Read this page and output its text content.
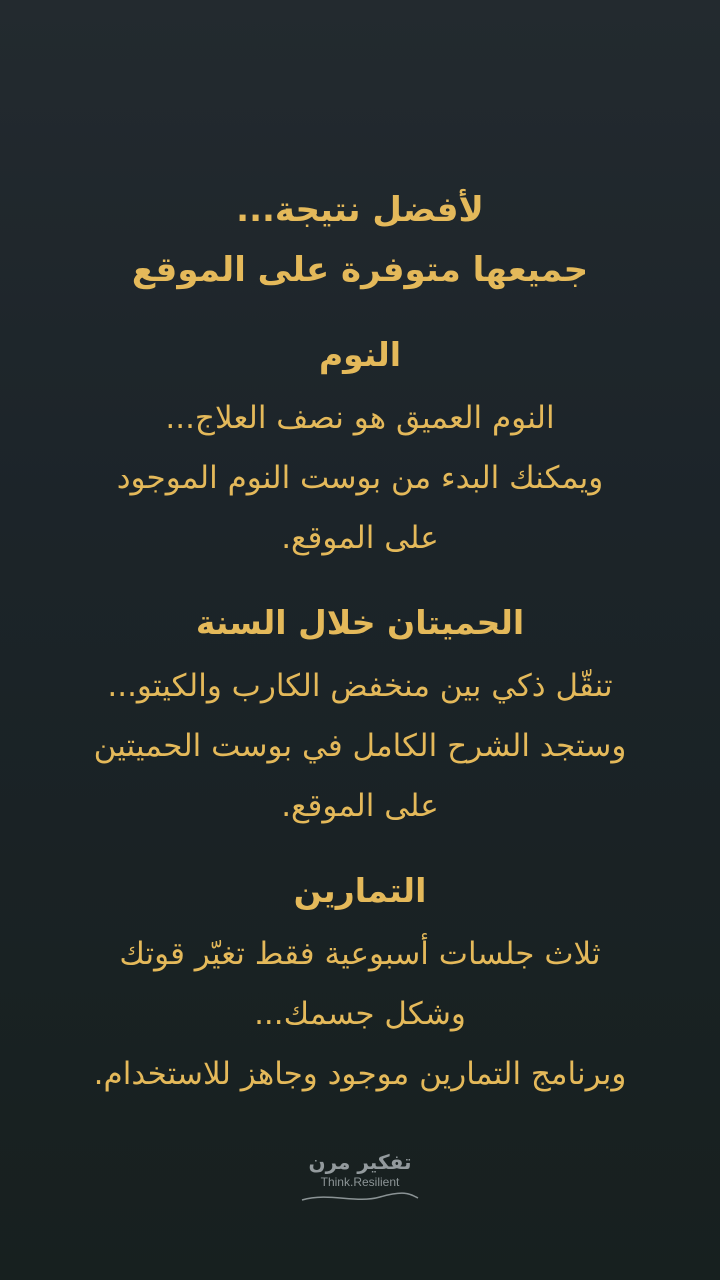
لأفضل نتيجة...

جميعها متوفرة على الموقع

النوم

النوم العميق هو نصف العلاج...

ويمكنك البدء من بوست النوم الموجود

على الموقع.

الحميتان خلال السنة

تنقّل ذكي بين منخفض الكارب والكيتو...

وستجد الشرح الكامل في بوست الحميتين

على الموقع.

التمارين

ثلاث جلسات أسبوعية فقط تغيّر قوتك

وشكل جسمك...

وبرنامج التمارين موجود وجاهز للاستخدام.

تفكير مرن
Think.Resilient
